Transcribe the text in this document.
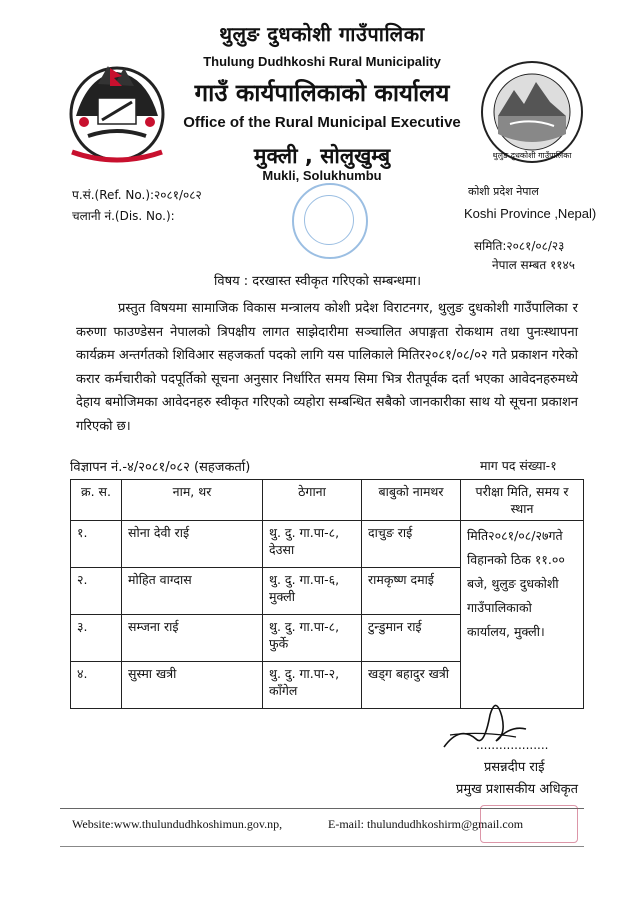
थुलुङ दुधकोशी गाउँपालिका
थुलुङ दुधकोशी गाउँपालिका
Thulung Dudhkoshi Rural Municipality
गाउँ कार्यपालिकाको कार्यालय
Office of the Rural Municipal Executive
मुक्ली , सोलुखुम्बु
Mukli, Solukhumbu
प.सं.(Ref. No.):२०८१/०८२
चलानी नं.(Dis. No.):
कोशी प्रदेश नेपाल
Koshi Province ,Nepal)
समिति:२०८१/०८/२३
नेपाल सम्बत ११४५
विषय : दरखास्त स्वीकृत गरिएको सम्बन्धमा।
प्रस्तुत विषयमा सामाजिक विकास मन्त्रालय कोशी प्रदेश विराटनगर, थुलुङ दुधकोशी गाउँपालिका र करुणा फाउण्डेसन नेपालको त्रिपक्षीय लागत साझेदारीमा सञ्चालित अपाङ्गता रोकथाम तथा पुनःस्थापना कार्यक्रम अन्तर्गतको शिविआर सहजकर्ता पदको लागि यस पालिकाले मितिर२०८१/०८/०२ गते प्रकाशन गरेको करार कर्मचारीको पदपूर्तिको सूचना अनुसार निर्धारित समय सिमा भित्र रीतपूर्वक दर्ता भएका आवेदनहरुमध्ये देहाय बमोजिमका आवेदनहरु स्वीकृत गरिएको व्यहोरा सम्बन्धित सबैको जानकारीका साथ यो सूचना प्रकाशन गरिएको छ।
विज्ञापन नं.-४/२०८१/०८२ (सहजकर्ता)	माग पद संख्या-१
क्र. स.	नाम, थर	ठेगाना	बाबुको नामथर	परीक्षा मिति, समय र स्थान
१.	सोना देवी राई	थु. दु. गा.पा-८, देउसा	दाचुङ राई	मिति२०८१/०८/२७गते विहानको ठिक ११.०० बजे, थुलुङ दुधकोशी गाउँपालिकाको कार्यालय, मुक्ली।
२.	मोहित वाग्दास	थु. दु. गा.पा-६, मुक्ली	रामकृष्ण दमाई	
३.	सम्जना राई	थु. दु. गा.पा-८, फुर्के	टुन्डुमान राई	
४.	सुस्मा खत्री	थु. दु. गा.पा-२, काँगेल	खड्ग बहादुर खत्री	
...................
प्रसन्नदीप राई
प्रमुख प्रशासकीय अधिकृत
Website:www.thulundudhkoshimun.gov.np,	E-mail: thulundudhkoshirm@gmail.com
